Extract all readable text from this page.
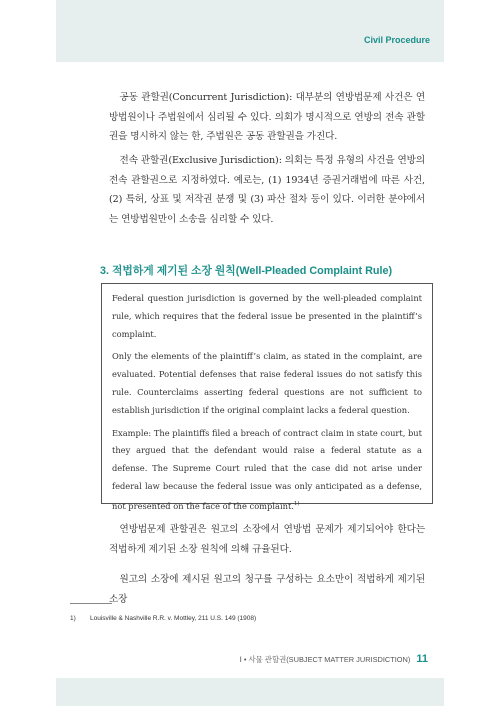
Civil Procedure

공동 관할권(Concurrent Jurisdiction): 대부분의 연방법문제 사건은 연방법원이나 주법원에서 심리될 수 있다. 의회가 명시적으로 연방의 전속 관할권을 명시하지 않는 한, 주법원은 공동 관할권을 가진다.

전속 관할권(Exclusive Jurisdiction): 의회는 특정 유형의 사건을 연방의 전속 관할권으로 지정하였다. 예로는, (1) 1934년 증권거래법에 따른 사건, (2) 특허, 상표 및 저작권 분쟁 및 (3) 파산 절차 등이 있다. 이러한 분야에서는 연방법원만이 소송을 심리할 수 있다.

3. 적법하게 제기된 소장 원칙(Well-Pleaded Complaint Rule)

Federal question jurisdiction is governed by the well-pleaded complaint rule, which requires that the federal issue be presented in the plaintiff’s complaint.

Only the elements of the plaintiff’s claim, as stated in the complaint, are evaluated. Potential defenses that raise federal issues do not satisfy this rule. Counterclaims asserting federal questions are not sufficient to establish jurisdiction if the original complaint lacks a federal question.

Example: The plaintiffs filed a breach of contract claim in state court, but they argued that the defendant would raise a federal statute as a defense. The Supreme Court ruled that the case did not arise under federal law because the federal issue was only anticipated as a defense, not presented on the face of the complaint.$^{1)}$

연방법문제 관할권은 원고의 소장에서 연방법 문제가 제기되어야 한다는 적법하게 제기된 소장 원칙에 의해 규율된다.

원고의 소장에 제시된 원고의 청구를 구성하는 요소만이 적법하게 제기된 소장

1) Louisville & Nashville R.R. v. Mottley, 211 U.S. 149 (1908)
Ⅰ • 사물 관할권(SUBJECT MATTER JURISDICTION) 11
